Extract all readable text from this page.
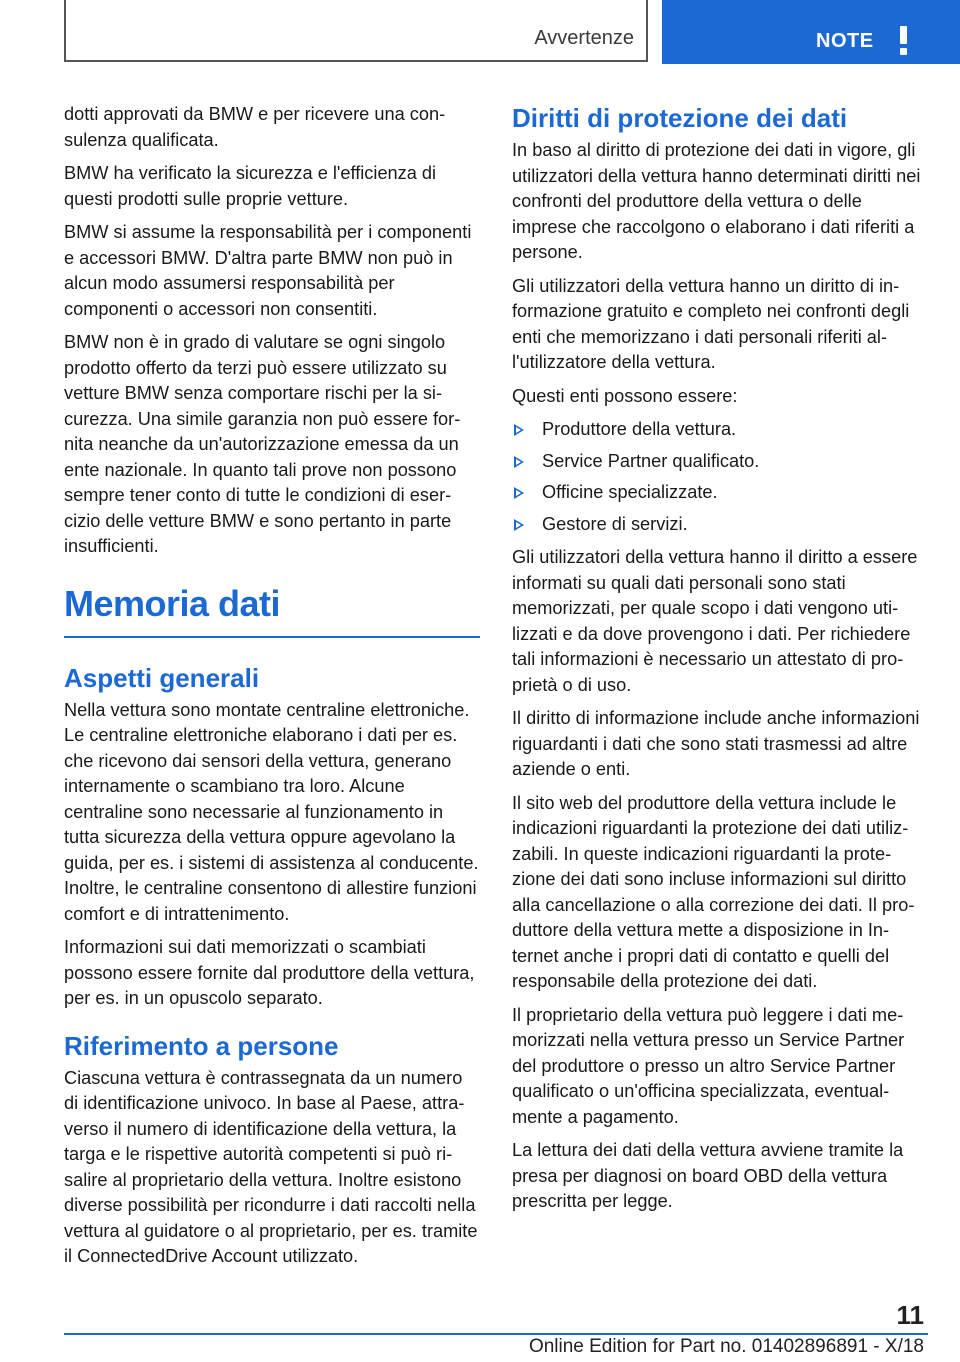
Avvertenze	NOTE

dotti approvati da BMW e per ricevere una consulenza qualificata.

BMW ha verificato la sicurezza e l'efficienza di questi prodotti sulle proprie vetture.

BMW si assume la responsabilità per i componenti e accessori BMW. D'altra parte BMW non può in alcun modo assumersi responsabilità per componenti o accessori non consentiti.

BMW non è in grado di valutare se ogni singolo prodotto offerto da terzi può essere utilizzato su vetture BMW senza comportare rischi per la sicurezza. Una simile garanzia non può essere fornita neanche da un'autorizzazione emessa da un ente nazionale. In quanto tali prove non possono sempre tener conto di tutte le condizioni di esercizio delle vetture BMW e sono pertanto in parte insufficienti.

Memoria dati
Aspetti generali

Nella vettura sono montate centraline elettroniche. Le centraline elettroniche elaborano i dati per es. che ricevono dai sensori della vettura, generano internamente o scambiano tra loro. Alcune centraline sono necessarie al funzionamento in tutta sicurezza della vettura oppure agevolano la guida, per es. i sistemi di assistenza al conducente. Inoltre, le centraline consentono di allestire funzioni comfort e di intrattenimento.

Informazioni sui dati memorizzati o scambiati possono essere fornite dal produttore della vettura, per es. in un opuscolo separato.

Riferimento a persone

Ciascuna vettura è contrassegnata da un numero di identificazione univoco. In base al Paese, attraverso il numero di identificazione della vettura, la targa e le rispettive autorità competenti si può risalire al proprietario della vettura. Inoltre esistono diverse possibilità per ricondurre i dati raccolti nella vettura al guidatore o al proprietario, per es. tramite il ConnectedDrive Account utilizzato.

Diritti di protezione dei dati

In baso al diritto di protezione dei dati in vigore, gli utilizzatori della vettura hanno determinati diritti nei confronti del produttore della vettura o delle imprese che raccolgono o elaborano i dati riferiti a persone.

Gli utilizzatori della vettura hanno un diritto di informazione gratuito e completo nei confronti degli enti che memorizzano i dati personali riferiti all'utilizzatore della vettura.

Questi enti possono essere:

Produttore della vettura.
Service Partner qualificato.
Officine specializzate.
Gestore di servizi.

Gli utilizzatori della vettura hanno il diritto a essere informati su quali dati personali sono stati memorizzati, per quale scopo i dati vengono utilizzati e da dove provengono i dati. Per richiedere tali informazioni è necessario un attestato di proprietà o di uso.

Il diritto di informazione include anche informazioni riguardanti i dati che sono stati trasmessi ad altre aziende o enti.

Il sito web del produttore della vettura include le indicazioni riguardanti la protezione dei dati utilizzabili. In queste indicazioni riguardanti la protezione dei dati sono incluse informazioni sul diritto alla cancellazione o alla correzione dei dati. Il produttore della vettura mette a disposizione in Internet anche i propri dati di contatto e quelli del responsabile della protezione dei dati.

Il proprietario della vettura può leggere i dati memorizzati nella vettura presso un Service Partner del produttore o presso un altro Service Partner qualificato o un'officina specializzata, eventualmente a pagamento.

La lettura dei dati della vettura avviene tramite la presa per diagnosi on board OBD della vettura prescritta per legge.

11
Online Edition for Part no. 01402896891 - X/18
